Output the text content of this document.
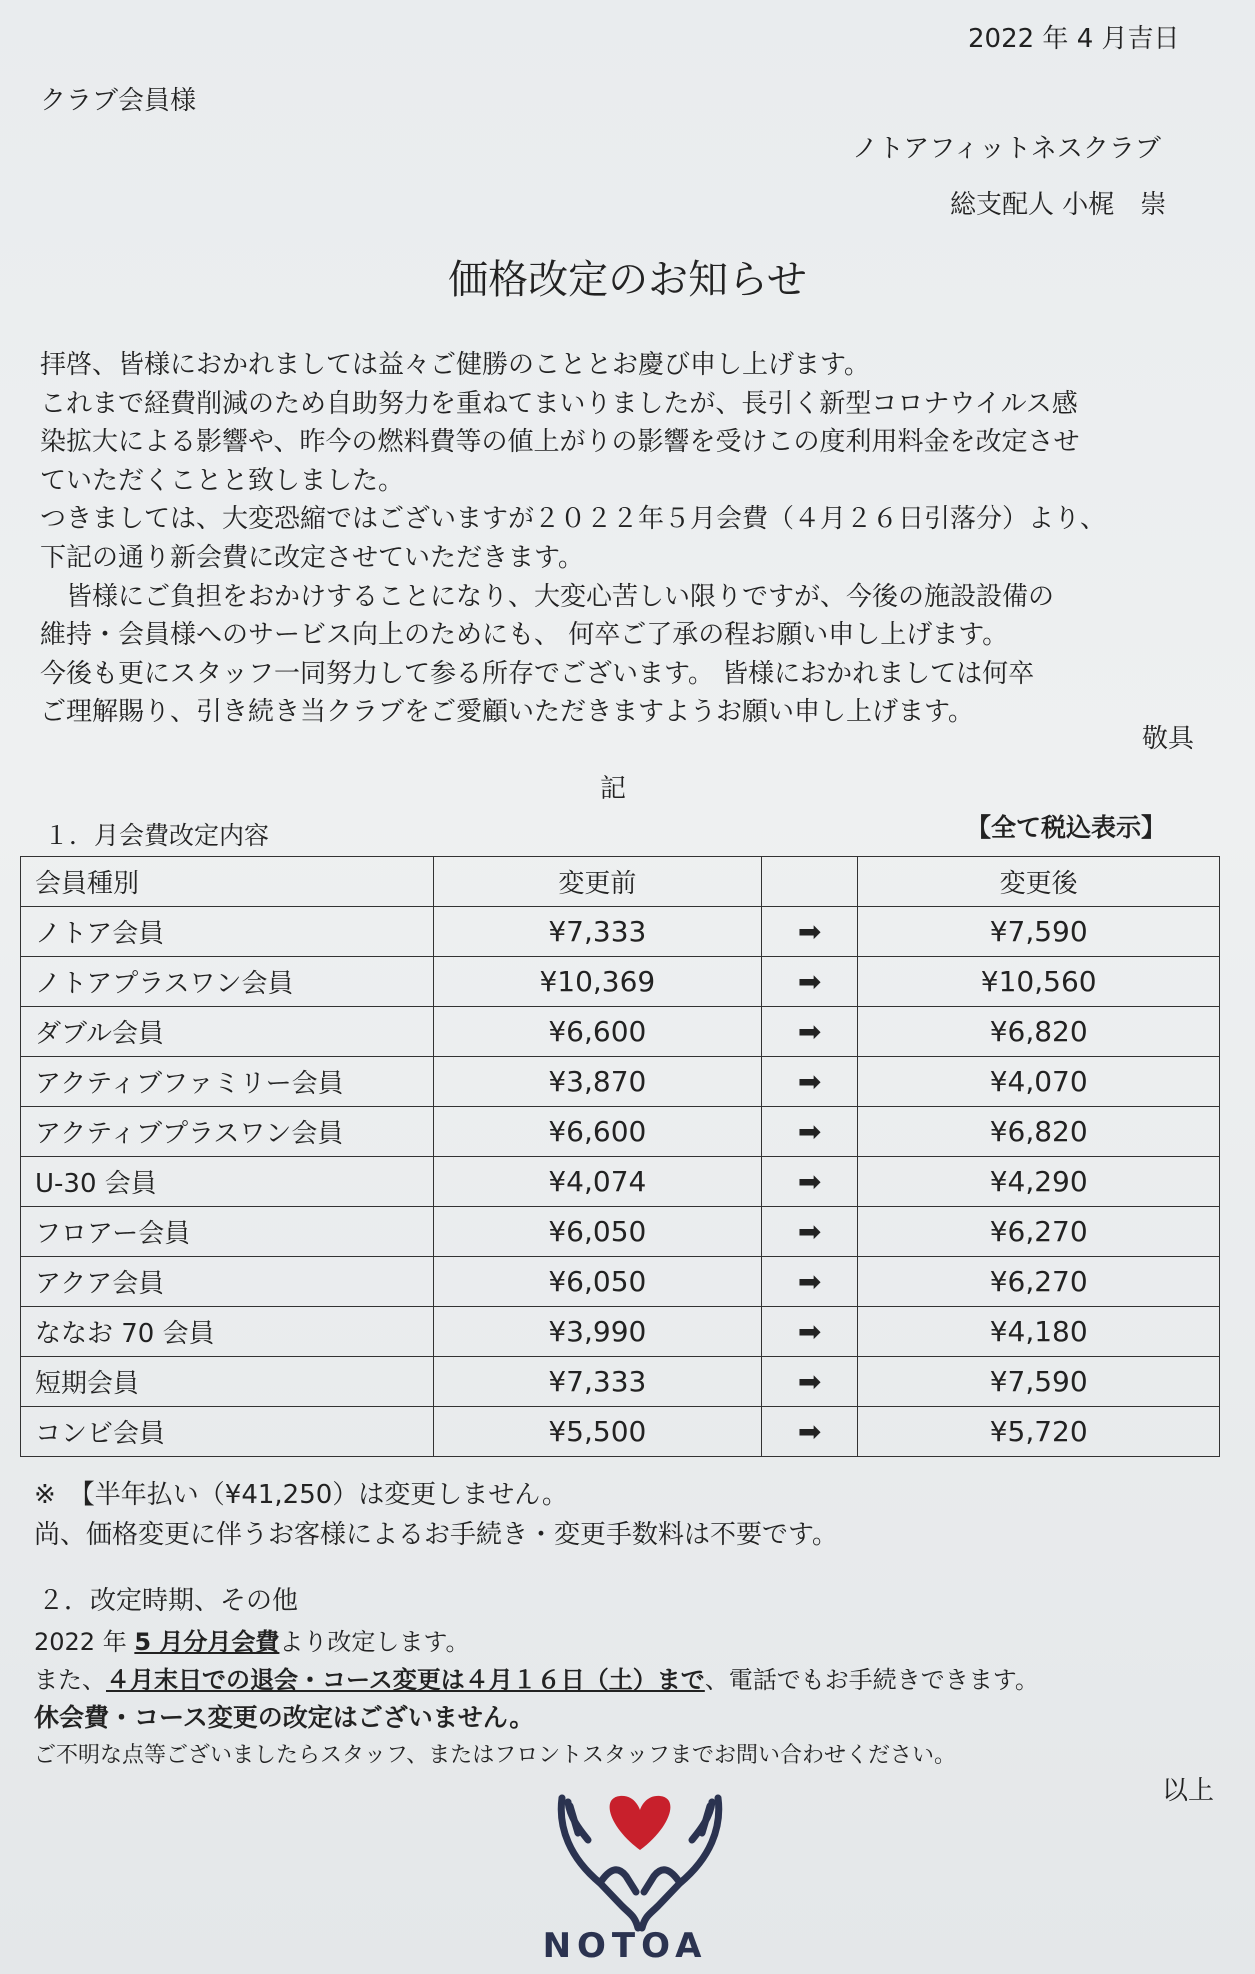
2022 年 4 月吉日
クラブ会員様
ノトアフィットネスクラブ
総支配人 小梶　崇
価格改定のお知らせ
拝啓、皆様におかれましては益々ご健勝のこととお慶び申し上げます。
これまで経費削減のため自助努力を重ねてまいりましたが、長引く新型コロナウイルス感
染拡大による影響や、昨今の燃料費等の値上がりの影響を受けこの度利用料金を改定させ
ていただくことと致しました。
つきましては、大変恐縮ではございますが２０２２年５月会費（４月２６日引落分）より、
下記の通り新会費に改定させていただきます。
　皆様にご負担をおかけすることになり、大変心苦しい限りですが、今後の施設設備の
維持・会員様へのサービス向上のためにも、 何卒ご了承の程お願い申し上げます。
今後も更にスタッフ一同努力して参る所存でございます。 皆様におかれましては何卒
ご理解賜り、引き続き当クラブをご愛顧いただきますようお願い申し上げます。
敬具
記
１．月会費改定内容	【全て税込表示】
会員種別	変更前		変更後
ノトア会員	¥7,333	➡	¥7,590
ノトアプラスワン会員	¥10,369	➡	¥10,560
ダブル会員	¥6,600	➡	¥6,820
アクティブファミリー会員	¥3,870	➡	¥4,070
アクティブプラスワン会員	¥6,600	➡	¥6,820
U-30 会員	¥4,074	➡	¥4,290
フロアー会員	¥6,050	➡	¥6,270
アクア会員	¥6,050	➡	¥6,270
ななお 70 会員	¥3,990	➡	¥4,180
短期会員	¥7,333	➡	¥7,590
コンビ会員	¥5,500	➡	¥5,720
※　【半年払い（¥41,250）は変更しません。
尚、価格変更に伴うお客様によるお手続き・変更手数料は不要です。
２．改定時期、その他
2022 年 5 月分月会費より改定します。
また、４月末日での退会・コース変更は４月１６日（土）まで、電話でもお手続きできます。
休会費・コース変更の改定はございません。
ご不明な点等ございましたらスタッフ、またはフロントスタッフまでお問い合わせください。
以上
NOTOA
